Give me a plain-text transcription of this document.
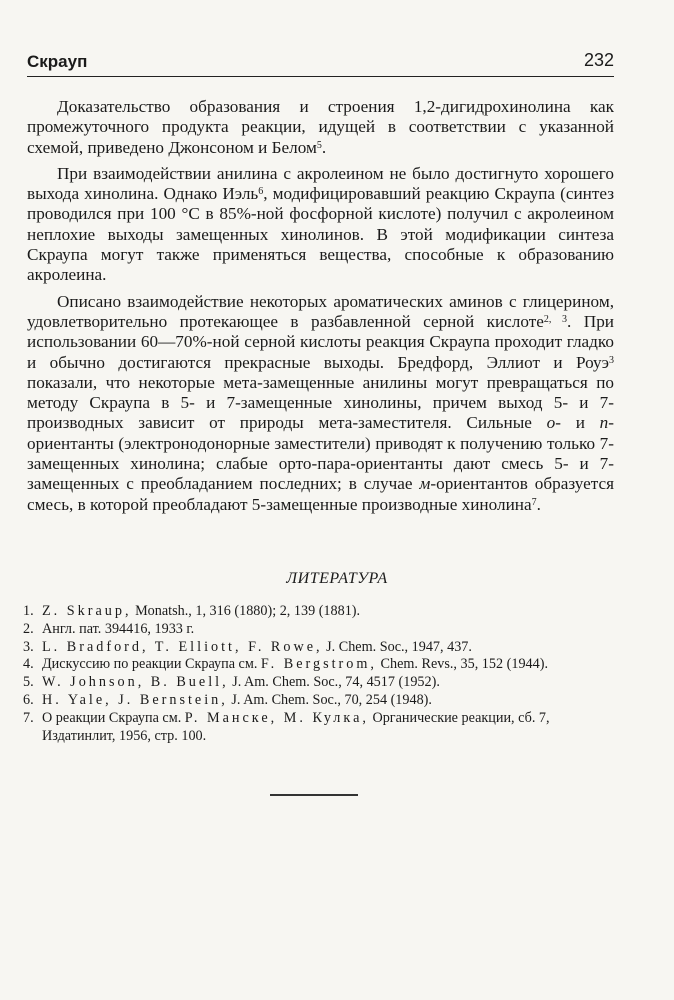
Скрауп	232

Доказательство образования и строения 1,2-дигидрохинолина как промежуточного продукта реакции, идущей в соответствии с указанной схемой, приведено Джонсоном и Белом$^5$.

При взаимодействии анилина с акролеином не было достигнуто хорошего выхода хинолина. Однако Иэль$^6$, модифицировавший реакцию Скраупа (синтез проводился при 100 °С в 85%-ной фосфорной кислоте) получил с акролеином неплохие выходы замещенных хинолинов. В этой модификации синтеза Скраупа могут также применяться вещества, способные к образованию акролеина.

Описано взаимодействие некоторых ароматических аминов с глицерином, удовлетворительно протекающее в разбавленной серной кислоте$^{2, 3}$. При использовании 60—70%-ной серной кислоты реакция Скраупа проходит гладко и обычно достигаются прекрасные выходы. Бредфорд, Эллиот и Роуэ$^3$ показали, что некоторые мета-замещенные анилины могут превращаться по методу Скраупа в 5- и 7-замещенные хинолины, причем выход 5- и 7-производных зависит от природы мета-заместителя. Сильные о- и п-ориентанты (электронодонорные заместители) приводят к получению только 7-замещенных хинолина; слабые орто-пара-ориентанты дают смесь 5- и 7-замещенных с преобладанием последних; в случае м-ориентантов образуется смесь, в которой преобладают 5-замещенные производные хинолина$^7$.

ЛИТЕРАТУРА
1. Z. Skraup, Monatsh., 1, 316 (1880); 2, 139 (1881).
2. Англ. пат. 394416, 1933 г.
3. L. Bradford, T. Elliott, F. Rowe, J. Chem. Soc., 1947, 437.
4. Дискуссию по реакции Скраупа см. F. Bergstrom, Chem. Revs., 35, 152 (1944).
5. W. Johnson, B. Buell, J. Am. Chem. Soc., 74, 4517 (1952).
6. H. Yale, J. Bernstein, J. Am. Chem. Soc., 70, 254 (1948).
7. О реакции Скраупа см. Р. Манске, М. Кулка, Органические реакции, сб. 7, Издатинлит, 1956, стр. 100.
